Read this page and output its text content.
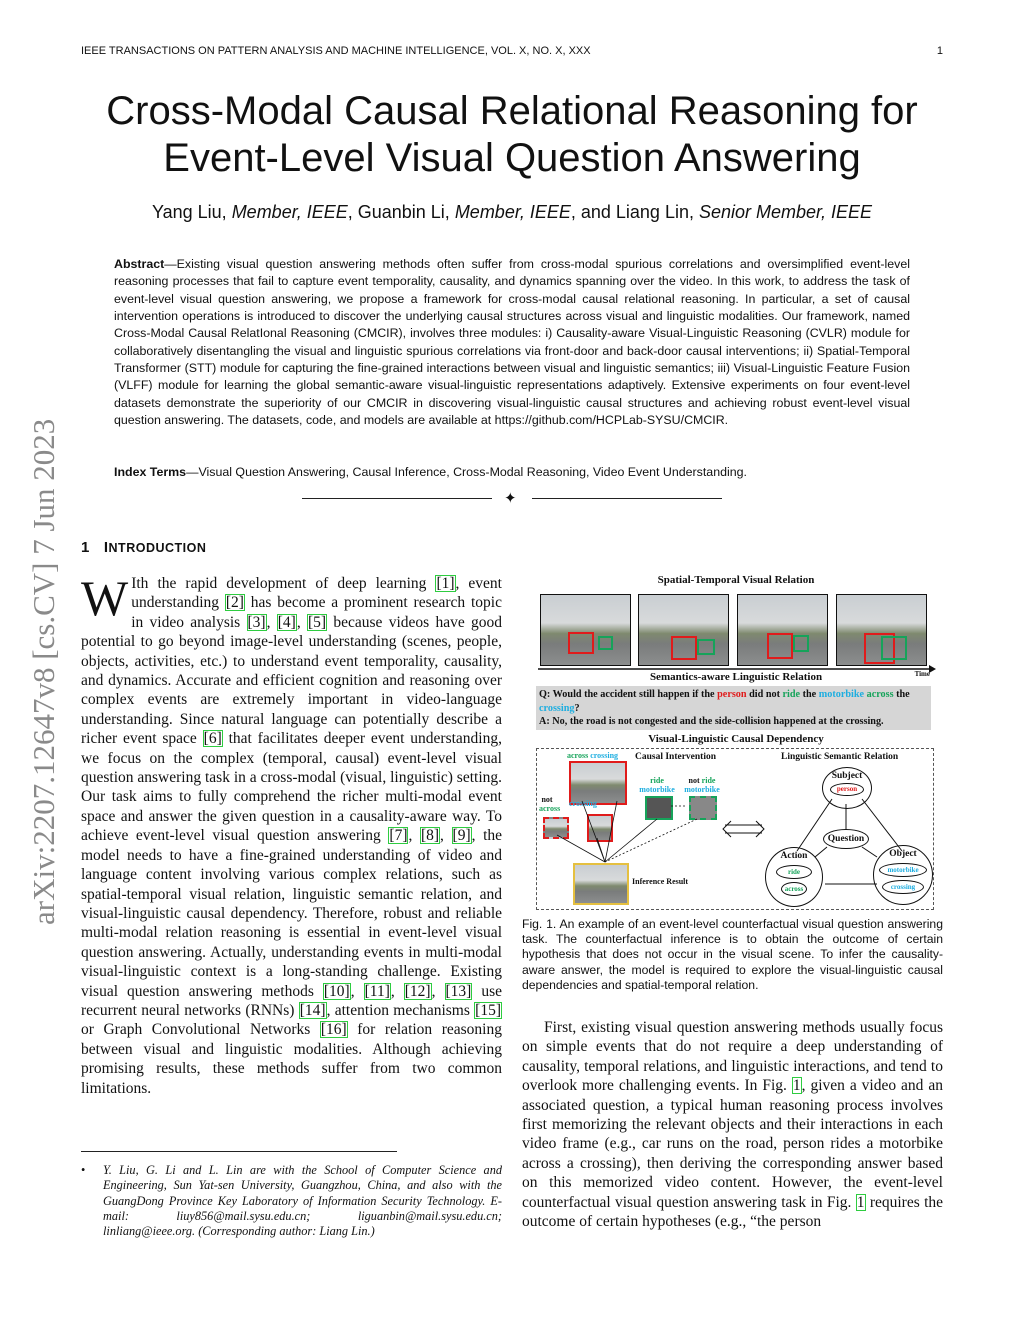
IEEE TRANSACTIONS ON PATTERN ANALYSIS AND MACHINE INTELLIGENCE, VOL. X, NO. X, XXX	1
Cross-Modal Causal Relational Reasoning for
Event-Level Visual Question Answering
Yang Liu, Member, IEEE, Guanbin Li, Member, IEEE, and Liang Lin, Senior Member, IEEE
Abstract—Existing visual question answering methods often suffer from cross-modal spurious correlations and oversimplified event-level reasoning processes that fail to capture event temporality, causality, and dynamics spanning over the video. In this work, to address the task of event-level visual question answering, we propose a framework for cross-modal causal relational reasoning. In particular, a set of causal intervention operations is introduced to discover the underlying causal structures across visual and linguistic modalities. Our framework, named Cross-Modal Causal RelatIonal Reasoning (CMCIR), involves three modules: i) Causality-aware Visual-Linguistic Reasoning (CVLR) module for collaboratively disentangling the visual and linguistic spurious correlations via front-door and back-door causal interventions; ii) Spatial-Temporal Transformer (STT) module for capturing the fine-grained interactions between visual and linguistic semantics; iii) Visual-Linguistic Feature Fusion (VLFF) module for learning the global semantic-aware visual-linguistic representations adaptively. Extensive experiments on four event-level datasets demonstrate the superiority of our CMCIR in discovering visual-linguistic causal structures and achieving robust event-level visual question answering. The datasets, code, and models are available at https://github.com/HCPLab-SYSU/CMCIR.
Index Terms—Visual Question Answering, Causal Inference, Cross-Modal Reasoning, Video Event Understanding.
✦
arXiv:2207.12647v8 [cs.CV] 7 Jun 2023 1 INTRODUCTION
W Ith the rapid development of deep learning [1], event understanding [2] has become a prominent research topic in video analysis [3], [4], [5] because videos have good potential to go beyond image-level understanding (scenes, people, objects, activities, etc.) to understand event temporality, causality, and dynamics. Accurate and efficient cognition and reasoning over complex events are extremely important in video-language understanding. Since natural language can potentially describe a richer event space [6] that facilitates deeper event understanding, we focus on the complex (temporal, causal) event-level visual question answering task in a cross-modal (visual, linguistic) setting. Our task aims to fully comprehend the richer multi-modal event space and answer the given question in a causality-aware way. To achieve event-level visual question answering [7], [8], [9], the model needs to have a fine-grained understanding of video and language content involving various complex relations, such as spatial-temporal visual relation, linguistic semantic relation, and visual-linguistic causal dependency. Therefore, robust and reliable multi-modal relation reasoning is essential in event-level visual question answering. Actually, understanding events in multi-modal visual-linguistic context is a long-standing challenge. Existing visual question answering methods [10], [11], [12], [13] use recurrent neural networks (RNNs) [14], attention mechanisms [15] or Graph Convolutional Networks [16] for relation reasoning between visual and linguistic modalities. Although achieving promising results, these methods suffer from two common limitations.
•	Y. Liu, G. Li and L. Lin are with the School of Computer Science and Engineering, Sun Yat-sen University, Guangzhou, China, and also with the GuangDong Province Key Laboratory of Information Security Technology. E-mail: liuy856@mail.sysu.edu.cn; liguanbin@mail.sysu.edu.cn; linliang@ieee.org. (Corresponding author: Liang Lin.)
Spatial-Temporal Visual Relation
Time
Semantics-aware Linguistic Relation
Q: Would the accident still happen if the person did not ride the motorbike across the crossing?
A: No, the road is not congested and the side-collision happened at the crossing.
Visual-Linguistic Causal Dependency
Causal Intervention	Linguistic Semantic Relation
across crossing
not
across
crossing
ride
motorbike
not ride
motorbike
Inference Result
Subject
person
Question
Action
ride
across
Object
motorbike
crossing
Fig. 1. An example of an event-level counterfactual visual question answering task. The counterfactual inference is to obtain the outcome of certain hypothesis that does not occur in the visual scene. To infer the causality-aware answer, the model is required to explore the visual-linguistic causal dependencies and spatial-temporal relation.
First, existing visual question answering methods usually focus on simple events that do not require a deep understanding of causality, temporal relations, and linguistic interactions, and tend to overlook more challenging events. In Fig. 1, given a video and an associated question, a typical human reasoning process involves first memorizing the relevant objects and their interactions in each video frame (e.g., car runs on the road, person rides a motorbike across a crossing), then deriving the corresponding answer based on this memorized video content. However, the event-level counterfactual visual question answering task in Fig. 1 requires the outcome of certain hypotheses (e.g., “the person
